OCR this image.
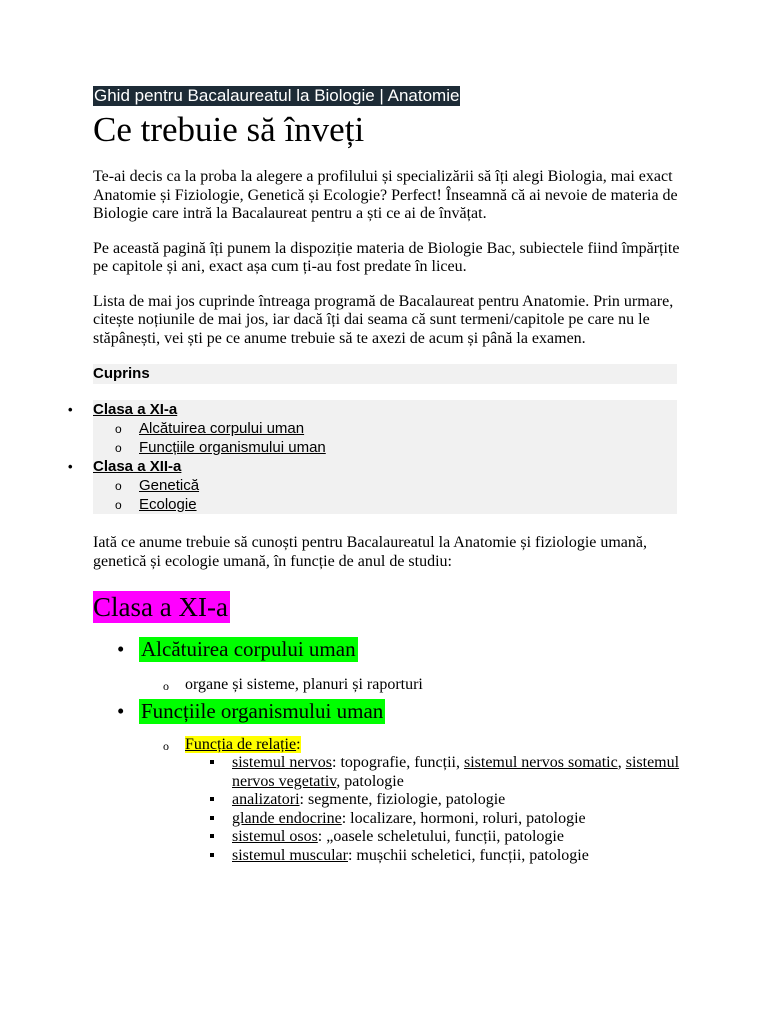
Ghid pentru Bacalaureatul la Biologie | Anatomie
Ce trebuie să înveți

Te-ai decis ca la proba la alegere a profilului și specializării să îți alegi Biologia, mai exact Anatomie și Fiziologie, Genetică și Ecologie? Perfect! Înseamnă că ai nevoie de materia de Biologie care intră la Bacalaureat pentru a ști ce ai de învățat.

Pe această pagină îți punem la dispoziție materia de Biologie Bac, subiectele fiind împărțite pe capitole și ani, exact așa cum ți-au fost predate în liceu.

Lista de mai jos cuprinde întreaga programă de Bacalaureat pentru Anatomie. Prin urmare, citește noțiunile de mai jos, iar dacă îți dai seama că sunt termeni/capitole pe care nu le stăpânești, vei ști pe ce anume trebuie să te axezi de acum și până la examen.

Cuprins
• Clasa a XI-a
o Alcătuirea corpului uman
o Funcțiile organismului uman
• Clasa a XII-a
o Genetică
o Ecologie

Iată ce anume trebuie să cunoști pentru Bacalaureatul la Anatomie și fiziologie umană, genetică și ecologie umană, în funcție de anul de studiu:

Clasa a XI-a
• Alcătuirea corpului uman
o organe și sisteme, planuri și raporturi
• Funcțiile organismului uman
o Funcția de relație:
sistemul nervos: topografie, funcții, sistemul nervos somatic, sistemul nervos vegetativ, patologie
analizatori: segmente, fiziologie, patologie
glande endocrine: localizare, hormoni, roluri, patologie
sistemul osos: „oasele scheletului, funcții, patologie
sistemul muscular: mușchii scheletici, funcții, patologie
